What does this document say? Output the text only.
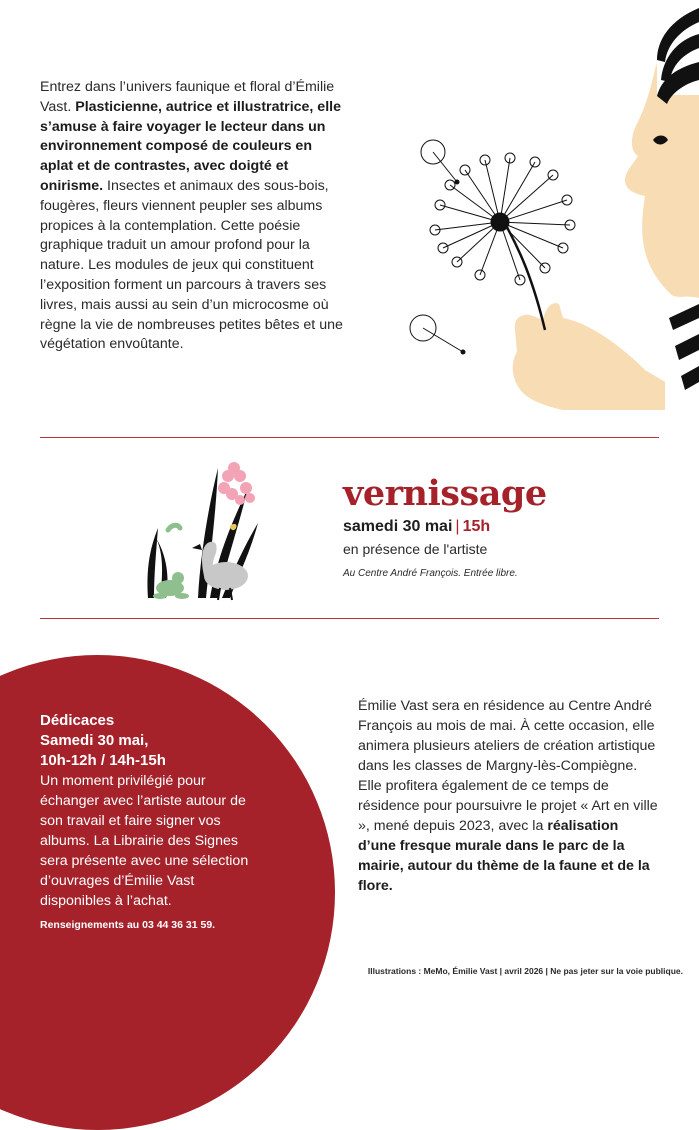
Entrez dans l’univers faunique et floral d’Émilie Vast. Plasticienne, autrice et illustratrice, elle s’amuse à faire voyager le lecteur dans un environnement composé de couleurs en aplat et de contrastes, avec doigté et onirisme. Insectes et animaux des sous-bois, fougères, fleurs viennent peupler ses albums propices à la contemplation. Cette poésie graphique traduit un amour profond pour la nature. Les modules de jeux qui constituent l’exposition forment un parcours à travers ses livres, mais aussi au sein d’un microcosme où règne la vie de nombreuses petites bêtes et une végétation envoûtante.
vernissage
samedi 30 mai | 15h
en présence de l'artiste
Au Centre André François. Entrée libre.
Dédicaces
Samedi 30 mai,
10h-12h / 14h-15h
Un moment privilégié pour échanger avec l’artiste autour de son travail et faire signer vos albums. La Librairie des Signes sera présente avec une sélection d’ouvrages d’Émilie Vast disponibles à l’achat.
Renseignements au 03 44 36 31 59.
Émilie Vast sera en résidence au Centre André François au mois de mai. À cette occasion, elle animera plusieurs ateliers de création artistique dans les classes de Margny-lès-Compiègne.
Elle profitera également de ce temps de résidence pour poursuivre le projet « Art en ville », mené depuis 2023, avec la réalisation d’une fresque murale dans le parc de la mairie, autour du thème de la faune et de la flore.
Illustrations : MeMo, Émilie Vast | avril 2026 | Ne pas jeter sur la voie publique.
